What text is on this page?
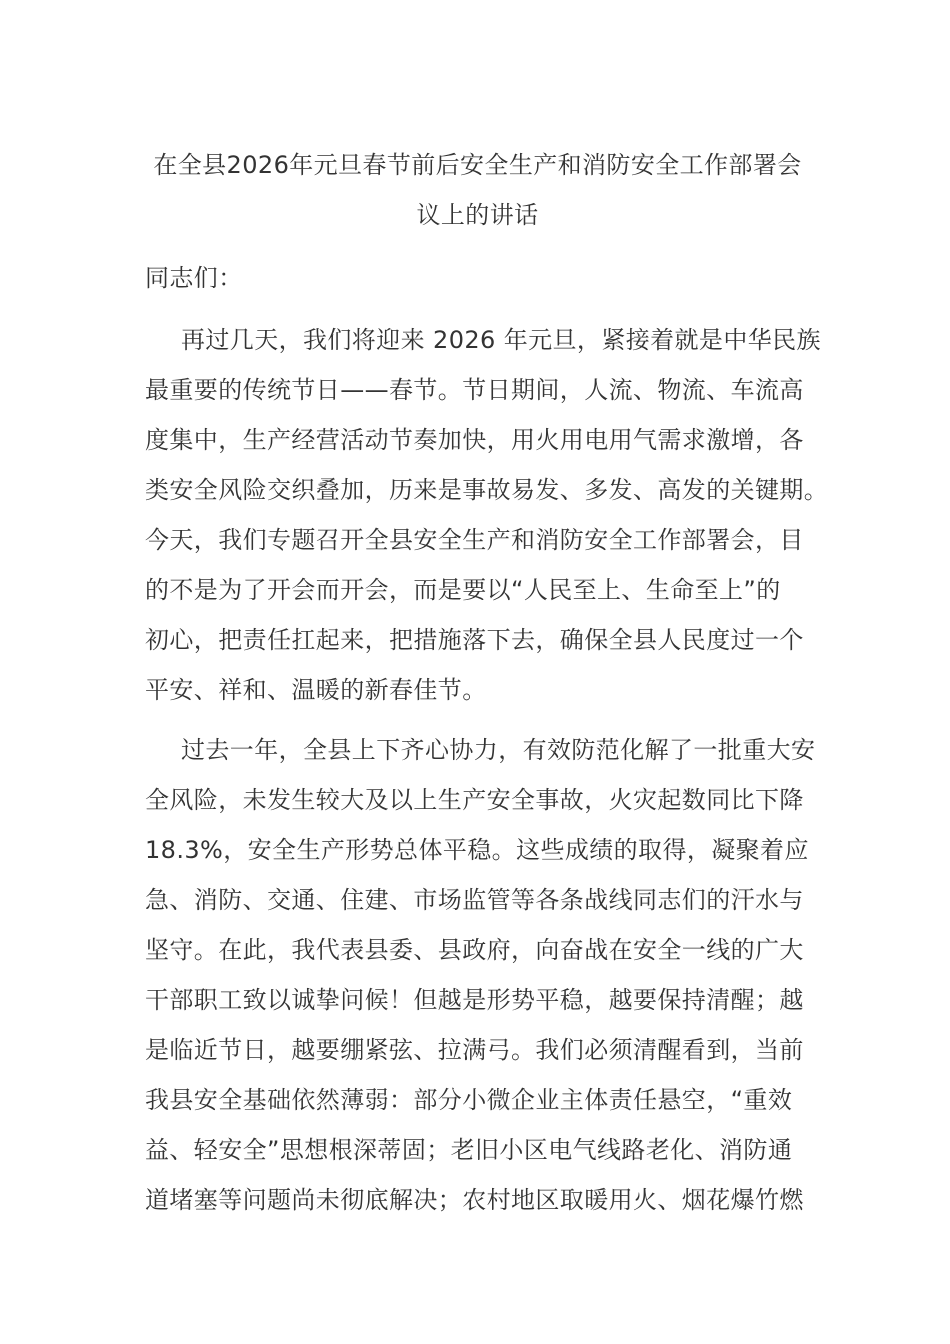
在全县2026年元旦春节前后安全生产和消防安全工作部署会
议上的讲话
同志们：
再过几天，我们将迎来 2026 年元旦，紧接着就是中华民族
最重要的传统节日——春节。节日期间，人流、物流、车流高
度集中，生产经营活动节奏加快，用火用电用气需求激增，各
类安全风险交织叠加，历来是事故易发、多发、高发的关键期。
今天，我们专题召开全县安全生产和消防安全工作部署会，目
的不是为了开会而开会，而是要以“人民至上、生命至上”的
初心，把责任扛起来，把措施落下去，确保全县人民度过一个
平安、祥和、温暖的新春佳节。
过去一年，全县上下齐心协力，有效防范化解了一批重大安
全风险，未发生较大及以上生产安全事故，火灾起数同比下降
18.3%，安全生产形势总体平稳。这些成绩的取得，凝聚着应
急、消防、交通、住建、市场监管等各条战线同志们的汗水与
坚守。在此，我代表县委、县政府，向奋战在安全一线的广大
干部职工致以诚挚问候！但越是形势平稳，越要保持清醒；越
是临近节日，越要绷紧弦、拉满弓。我们必须清醒看到，当前
我县安全基础依然薄弱：部分小微企业主体责任悬空，“重效
益、轻安全”思想根深蒂固；老旧小区电气线路老化、消防通
道堵塞等问题尚未彻底解决；农村地区取暖用火、烟花爆竹燃
